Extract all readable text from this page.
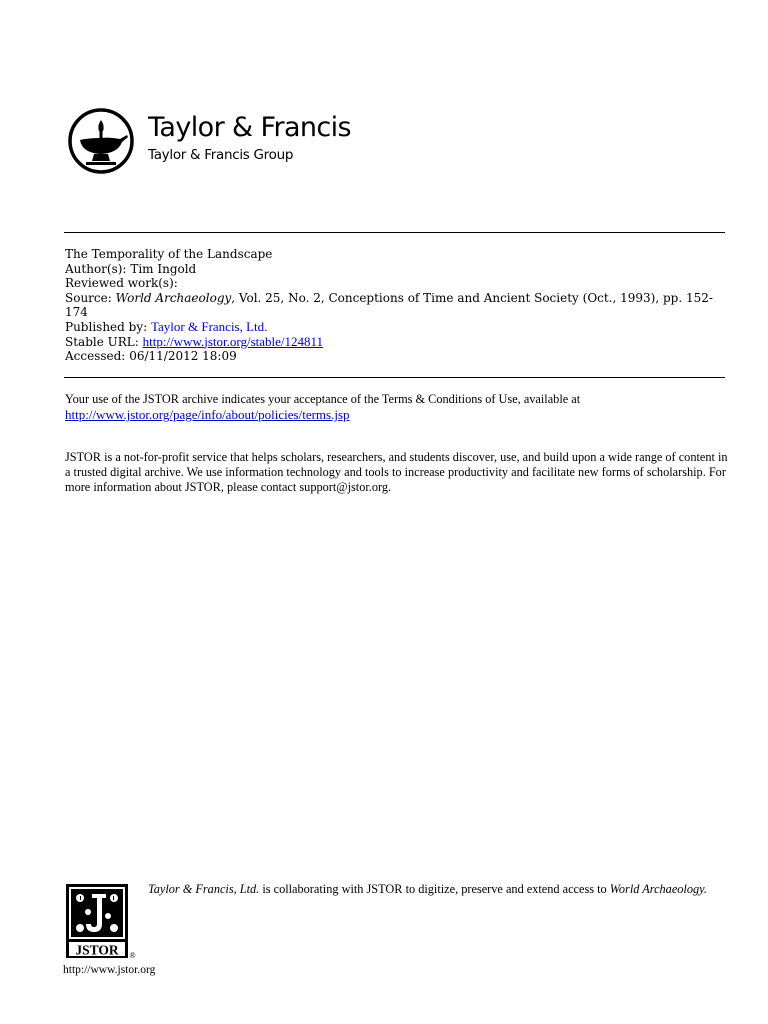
Taylor & Francis
Taylor & Francis Group
The Temporality of the Landscape
Author(s): Tim Ingold
Reviewed work(s):
Source: World Archaeology, Vol. 25, No. 2, Conceptions of Time and Ancient Society (Oct., 1993), pp. 152-174
Published by: Taylor & Francis, Ltd.
Stable URL: http://www.jstor.org/stable/124811
Accessed: 06/11/2012 18:09
Your use of the JSTOR archive indicates your acceptance of the Terms & Conditions of Use, available at
http://www.jstor.org/page/info/about/policies/terms.jsp
JSTOR is a not-for-profit service that helps scholars, researchers, and students discover, use, and build upon a wide range of content in a trusted digital archive. We use information technology and tools to increase productivity and facilitate new forms of scholarship. For more information about JSTOR, please contact support@jstor.org.
JSTOR ®
http://www.jstor.org
Taylor & Francis, Ltd. is collaborating with JSTOR to digitize, preserve and extend access to World Archaeology.
